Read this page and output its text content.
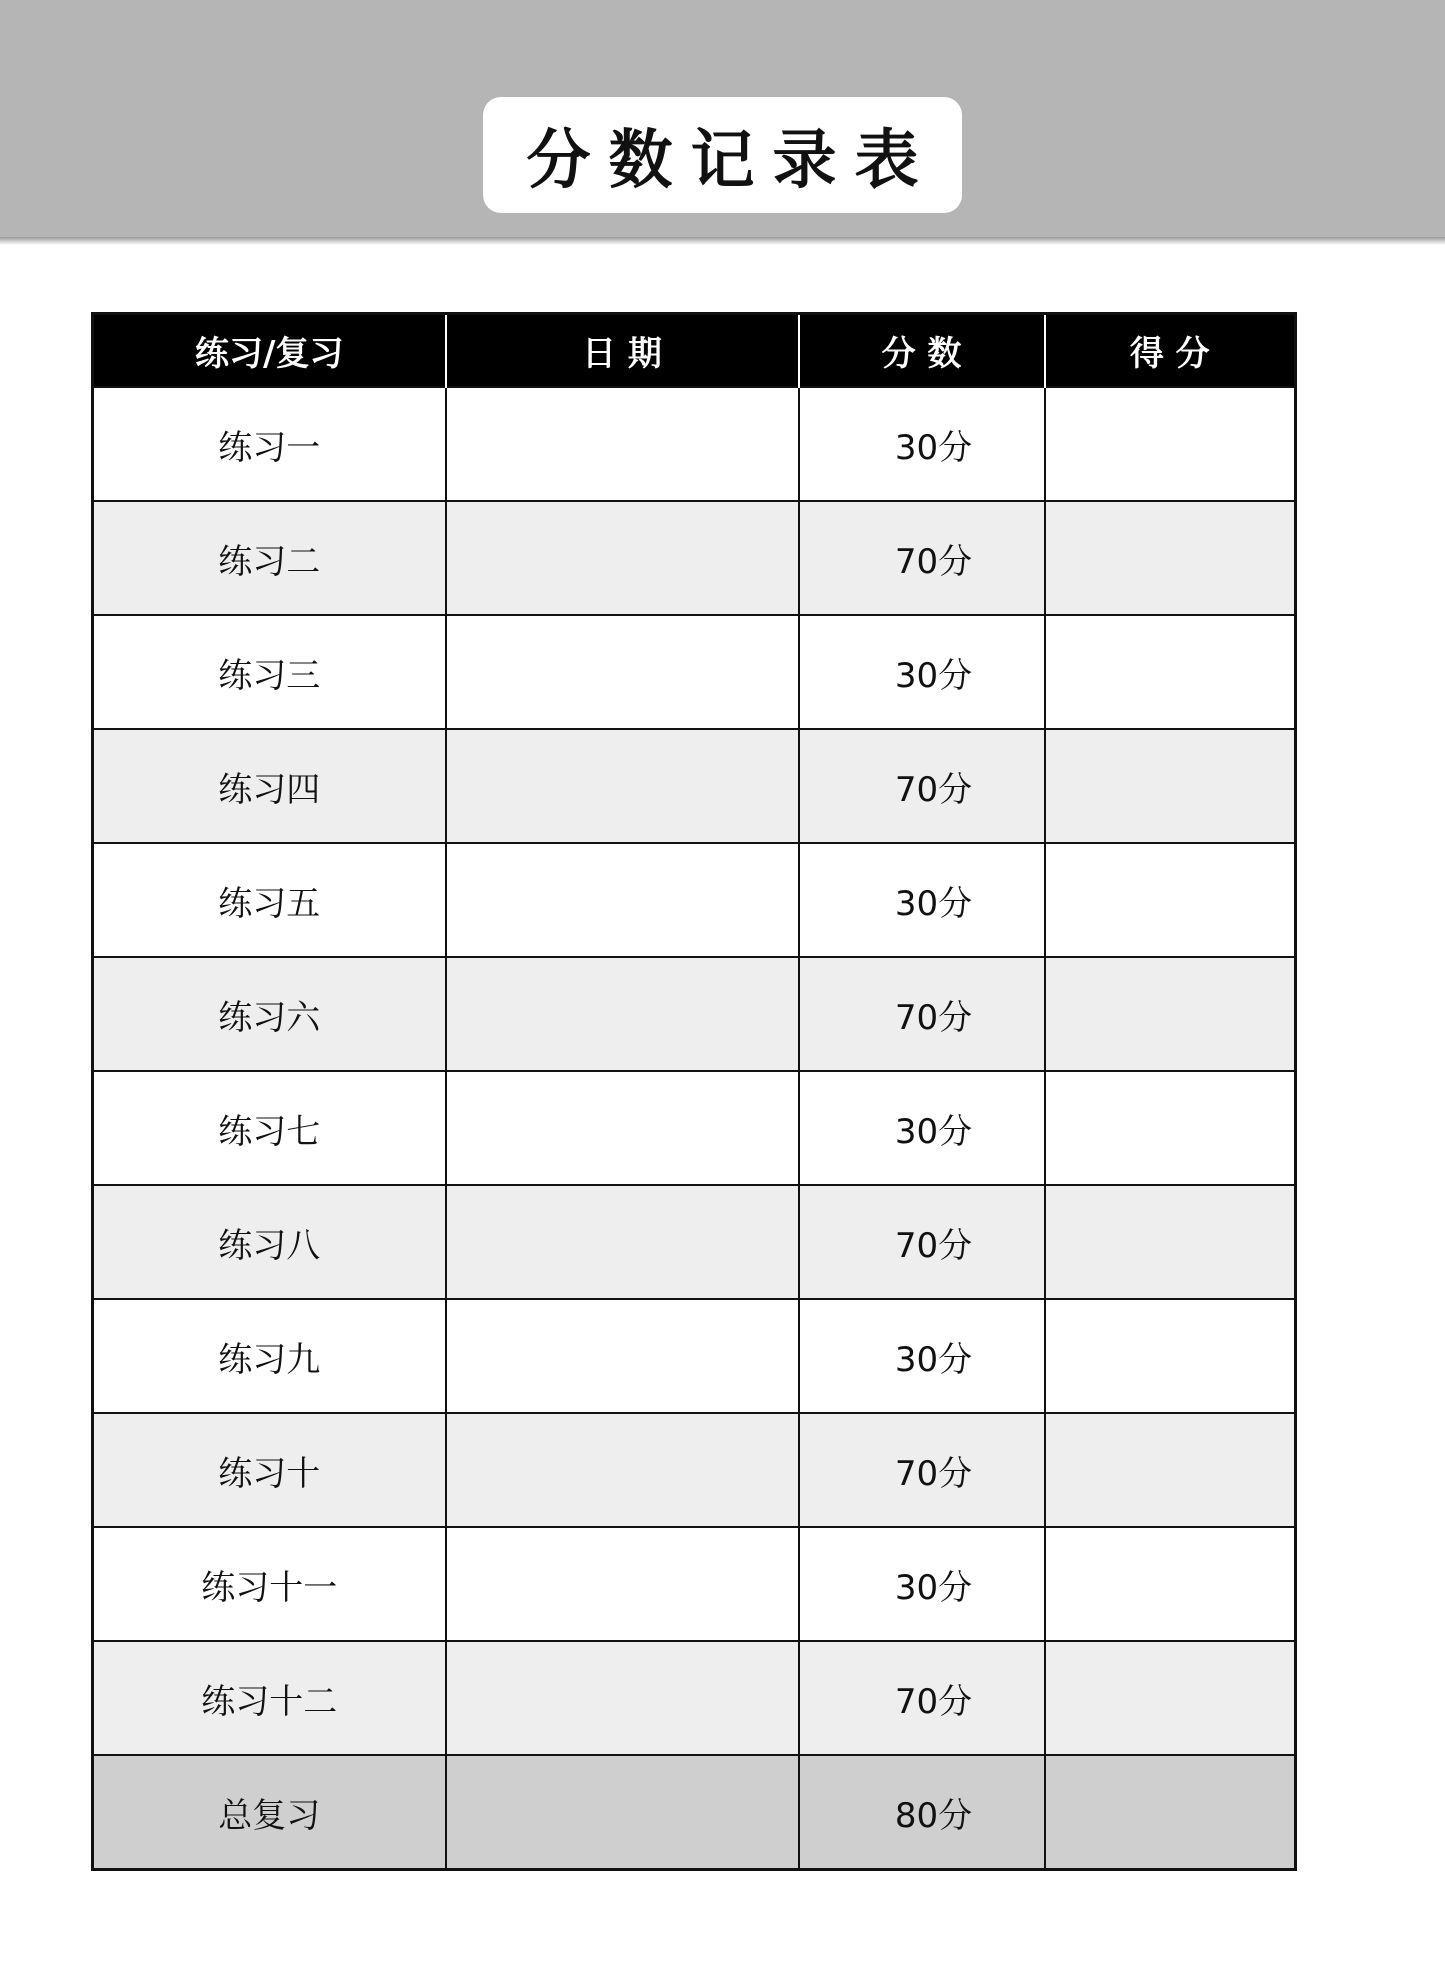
分数记录表
练习/复习	日 期	分 数	得 分
练习一		30分	
练习二		70分	
练习三		30分	
练习四		70分	
练习五		30分	
练习六		70分	
练习七		30分	
练习八		70分	
练习九		30分	
练习十		70分	
练习十一		30分	
练习十二		70分	
总复习		80分	
